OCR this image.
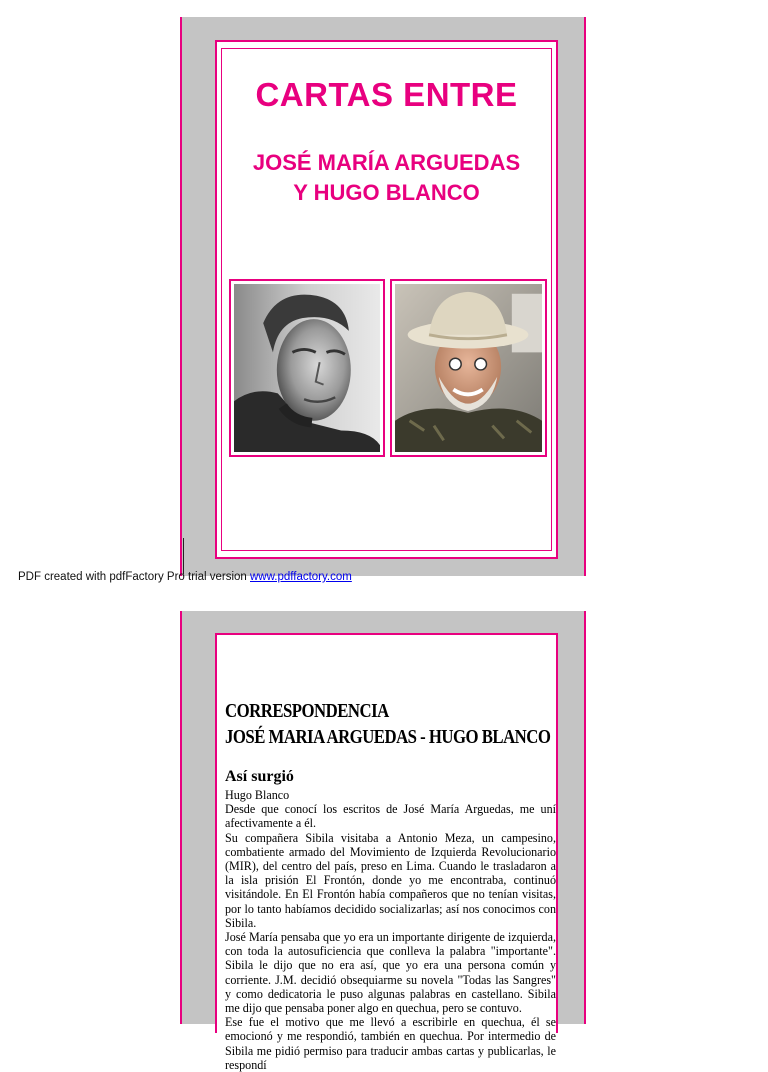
CARTAS ENTRE
JOSÉ MARÍA ARGUEDAS
Y HUGO BLANCO
PDF created with pdfFactory Pro trial version www.pdffactory.com
CORRESPONDENCIA
JOSÉ MARIA ARGUEDAS - HUGO BLANCO
Así surgió

Hugo Blanco

Desde que conocí los escritos de José María Arguedas, me uní afectivamente a él.

Su compañera Sibila visitaba a Antonio Meza, un campesino, combatiente armado del Movimiento de Izquierda Revolucionario (MIR), del centro del país, preso en Lima. Cuando le trasladaron a la isla prisión El Frontón, donde yo me encontraba, continuó visitándole. En El Frontón había compañeros que no tenían visitas, por lo tanto habíamos decidido socializarlas; así nos conocimos con Sibila.

José María pensaba que yo era un importante dirigente de izquierda, con toda la autosuficiencia que conlleva la palabra "importante". Sibila le dijo que no era así, que yo era una persona común y corriente. J.M. decidió obsequiarme su novela "Todas las Sangres" y como dedicatoria le puso algunas palabras en castellano. Sibila me dijo que pensaba poner algo en quechua, pero se contuvo.

Ese fue el motivo que me llevó a escribirle en quechua, él se emocionó y me respondió, también en quechua. Por intermedio de Sibila me pidió permiso para traducir ambas cartas y publicarlas, le respondí
